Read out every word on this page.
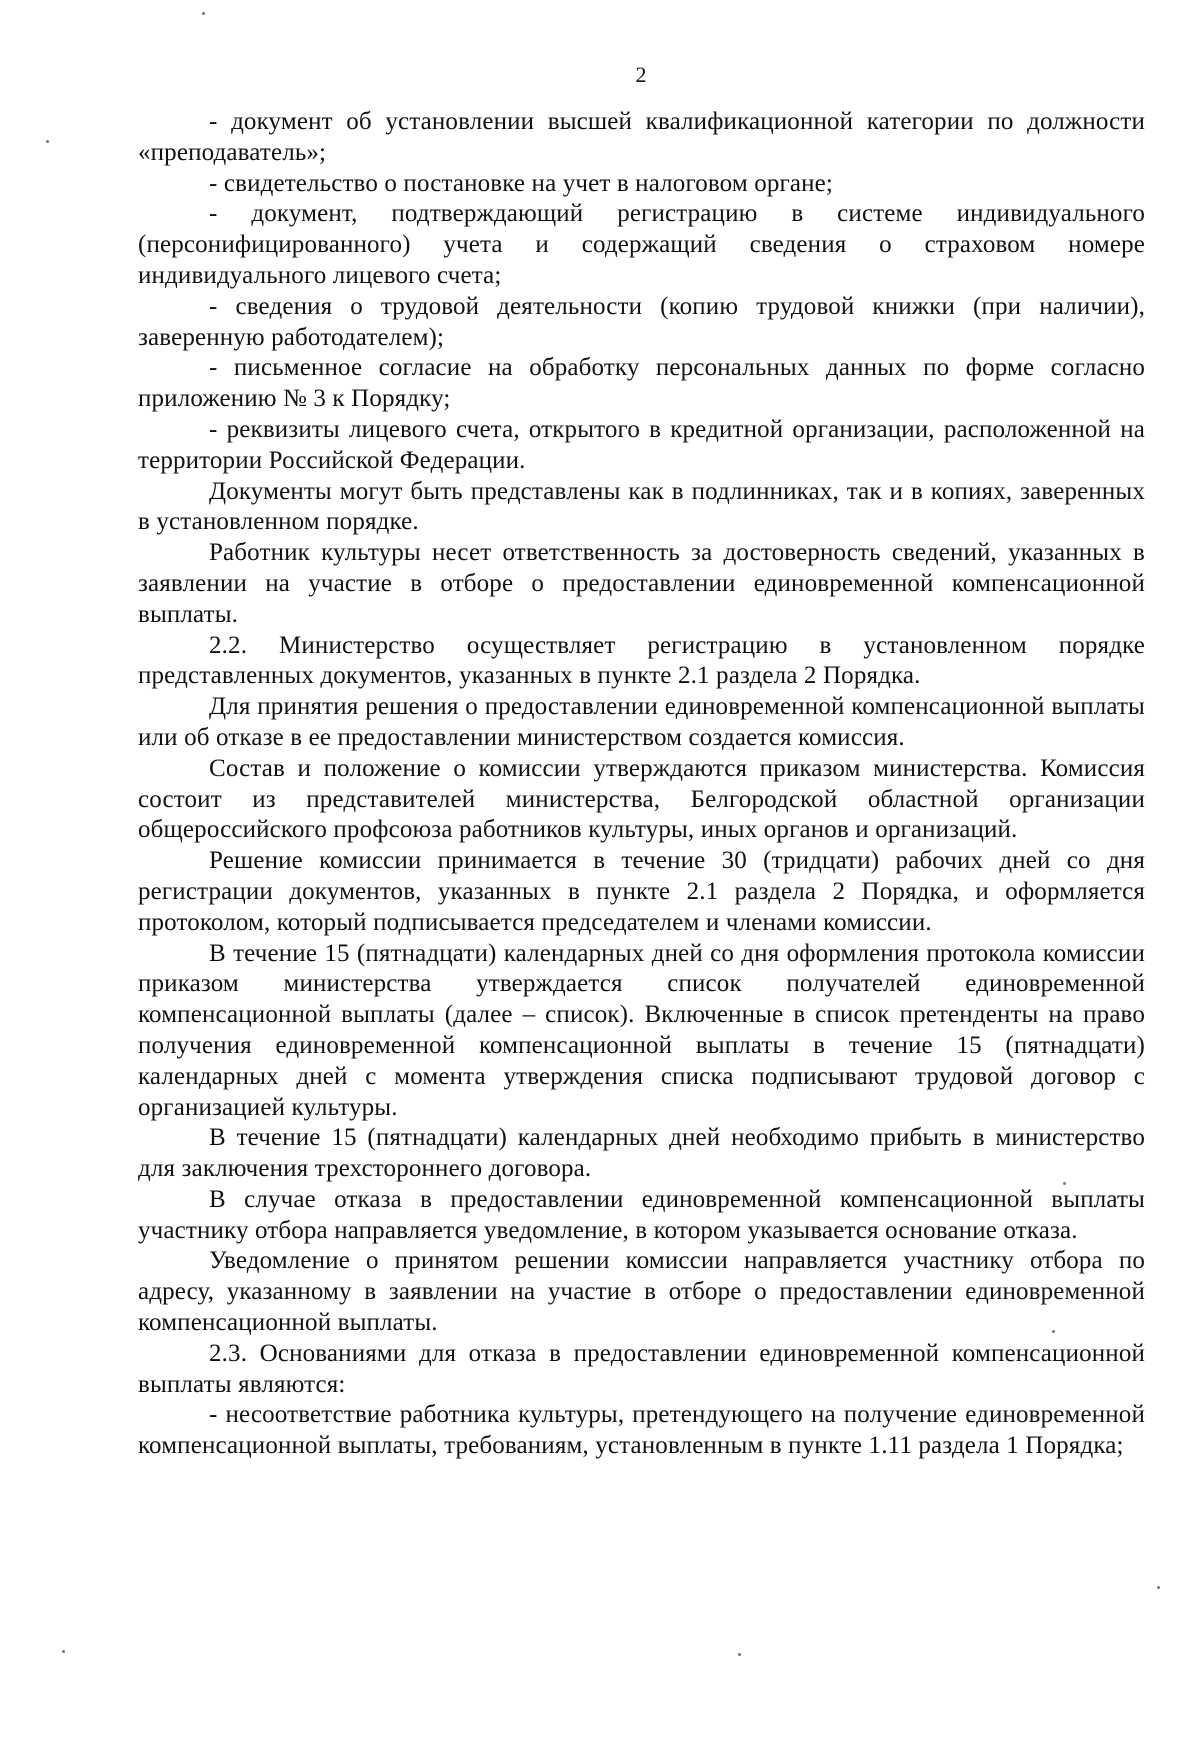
2

- документ об установлении высшей квалификационной категории по должности «преподаватель»;

- свидетельство о постановке на учет в налоговом органе;

- документ, подтверждающий регистрацию в системе индивидуального (персонифицированного) учета и содержащий сведения о страховом номере индивидуального лицевого счета;

- сведения о трудовой деятельности (копию трудовой книжки (при наличии), заверенную работодателем);

- письменное согласие на обработку персональных данных по форме согласно приложению № 3 к Порядку;

- реквизиты лицевого счета, открытого в кредитной организации, расположенной на территории Российской Федерации.

Документы могут быть представлены как в подлинниках, так и в копиях, заверенных в установленном порядке.

Работник культуры несет ответственность за достоверность сведений, указанных в заявлении на участие в отборе о предоставлении единовременной компенсационной выплаты.

2.2. Министерство осуществляет регистрацию в установленном порядке представленных документов, указанных в пункте 2.1 раздела 2 Порядка.

Для принятия решения о предоставлении единовременной компенсационной выплаты или об отказе в ее предоставлении министерством создается комиссия.

Состав и положение о комиссии утверждаются приказом министерства. Комиссия состоит из представителей министерства, Белгородской областной организации общероссийского профсоюза работников культуры, иных органов и организаций.

Решение комиссии принимается в течение 30 (тридцати) рабочих дней со дня регистрации документов, указанных в пункте 2.1 раздела 2 Порядка, и оформляется протоколом, который подписывается председателем и членами комиссии.

В течение 15 (пятнадцати) календарных дней со дня оформления протокола комиссии приказом министерства утверждается список получателей единовременной компенсационной выплаты (далее – список). Включенные в список претенденты на право получения единовременной компенсационной выплаты в течение 15 (пятнадцати) календарных дней с момента утверждения списка подписывают трудовой договор с организацией культуры.

В течение 15 (пятнадцати) календарных дней необходимо прибыть в министерство для заключения трехстороннего договора.

В случае отказа в предоставлении единовременной компенсационной выплаты участнику отбора направляется уведомление, в котором указывается основание отказа.

Уведомление о принятом решении комиссии направляется участнику отбора по адресу, указанному в заявлении на участие в отборе о предоставлении единовременной компенсационной выплаты.

2.3. Основаниями для отказа в предоставлении единовременной компенсационной выплаты являются:

- несоответствие работника культуры, претендующего на получение единовременной компенсационной выплаты, требованиям, установленным в пункте 1.11 раздела 1 Порядка;
